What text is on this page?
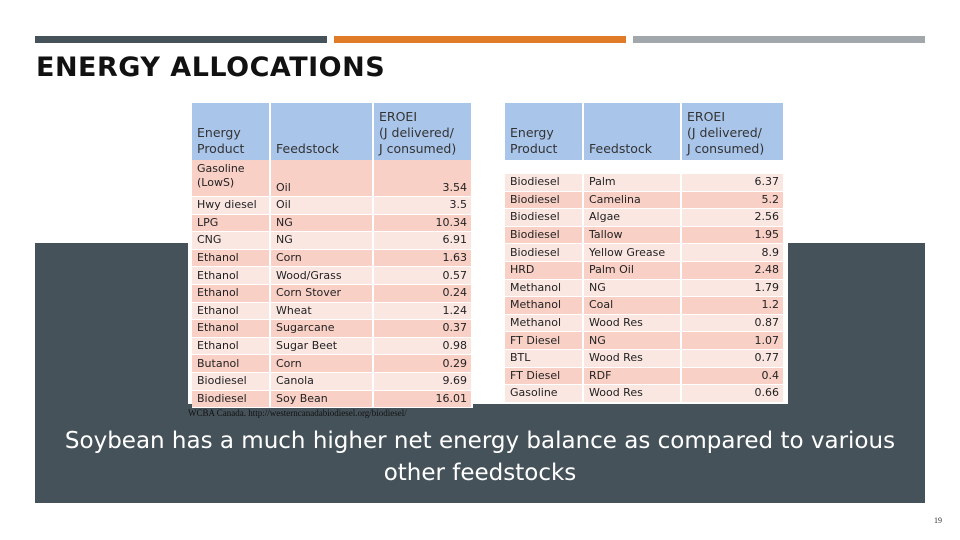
ENERGY ALLOCATIONS
Energy
Product	Feedstock	EROEI
(J delivered/
J consumed)
Gasoline
(LowS)	Oil	3.54
Hwy diesel	Oil	3.5
LPG	NG	10.34
CNG	NG	6.91
Ethanol	Corn	1.63
Ethanol	Wood/Grass	0.57
Ethanol	Corn Stover	0.24
Ethanol	Wheat	1.24
Ethanol	Sugarcane	0.37
Ethanol	Sugar Beet	0.98
Butanol	Corn	0.29
Biodiesel	Canola	9.69
Biodiesel	Soy Bean	16.01
Energy
Product	Feedstock	EROEI
(J delivered/
J consumed)

Biodiesel	Palm	6.37
Biodiesel	Camelina	5.2
Biodiesel	Algae	2.56
Biodiesel	Tallow	1.95
Biodiesel	Yellow Grease	8.9
HRD	Palm Oil	2.48
Methanol	NG	1.79
Methanol	Coal	1.2
Methanol	Wood Res	0.87
FT Diesel	NG	1.07
BTL	Wood Res	0.77
FT Diesel	RDF	0.4
Gasoline	Wood Res	0.66
WCBA Canada. http://westerncanadabiodiesel.org/biodiesel/
Soybean has a much higher net energy balance as compared to various other feedstocks
19
